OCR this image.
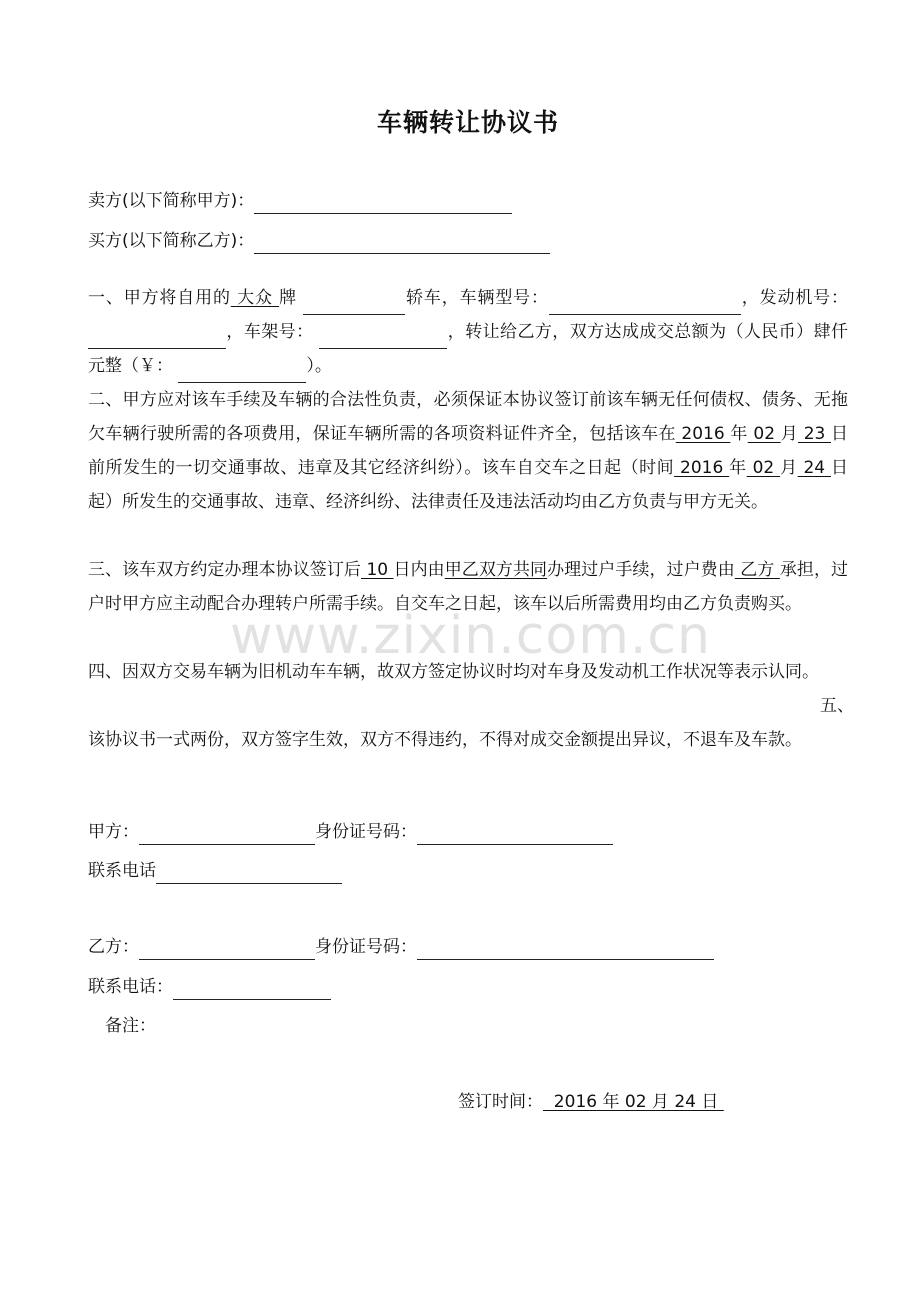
车辆转让协议书
卖方(以下简称甲方)：
买方(以下简称乙方)：
一、甲方将自用的 大众 牌	轿车，车辆型号：	，发动机号： ，车架号：	，转让给乙方，双方达成成交总额为（人民币）肆仟元整（￥：	）。
二、甲方应对该车手续及车辆的合法性负责，必须保证本协议签订前该车辆无任何债权、债务、无拖欠车辆行驶所需的各项费用，保证车辆所需的各项资料证件齐全，包括该车在 2016 年 02 月 23 日前所发生的一切交通事故、违章及其它经济纠纷）。该车自交车之日起（时间 2016 年 02 月 24 日起）所发生的交通事故、违章、经济纠纷、法律责任及违法活动均由乙方负责与甲方无关。
三、该车双方约定办理本协议签订后 10 日内由甲乙双方共同办理过户手续，过户费由 乙方 承担，过户时甲方应主动配合办理转户所需手续。自交车之日起，该车以后所需费用均由乙方负责购买。
四、因双方交易车辆为旧机动车车辆，故双方签定协议时均对车身及发动机工作状况等表示认同。
五、
该协议书一式两份，双方签字生效，双方不得违约，不得对成交金额提出异议，不退车及车款。
甲方：	身份证号码：
联系电话
乙方：	身份证号码：
联系电话：
备注：
签订时间：  2016 年 02 月 24 日
www.zixin.com.cn
